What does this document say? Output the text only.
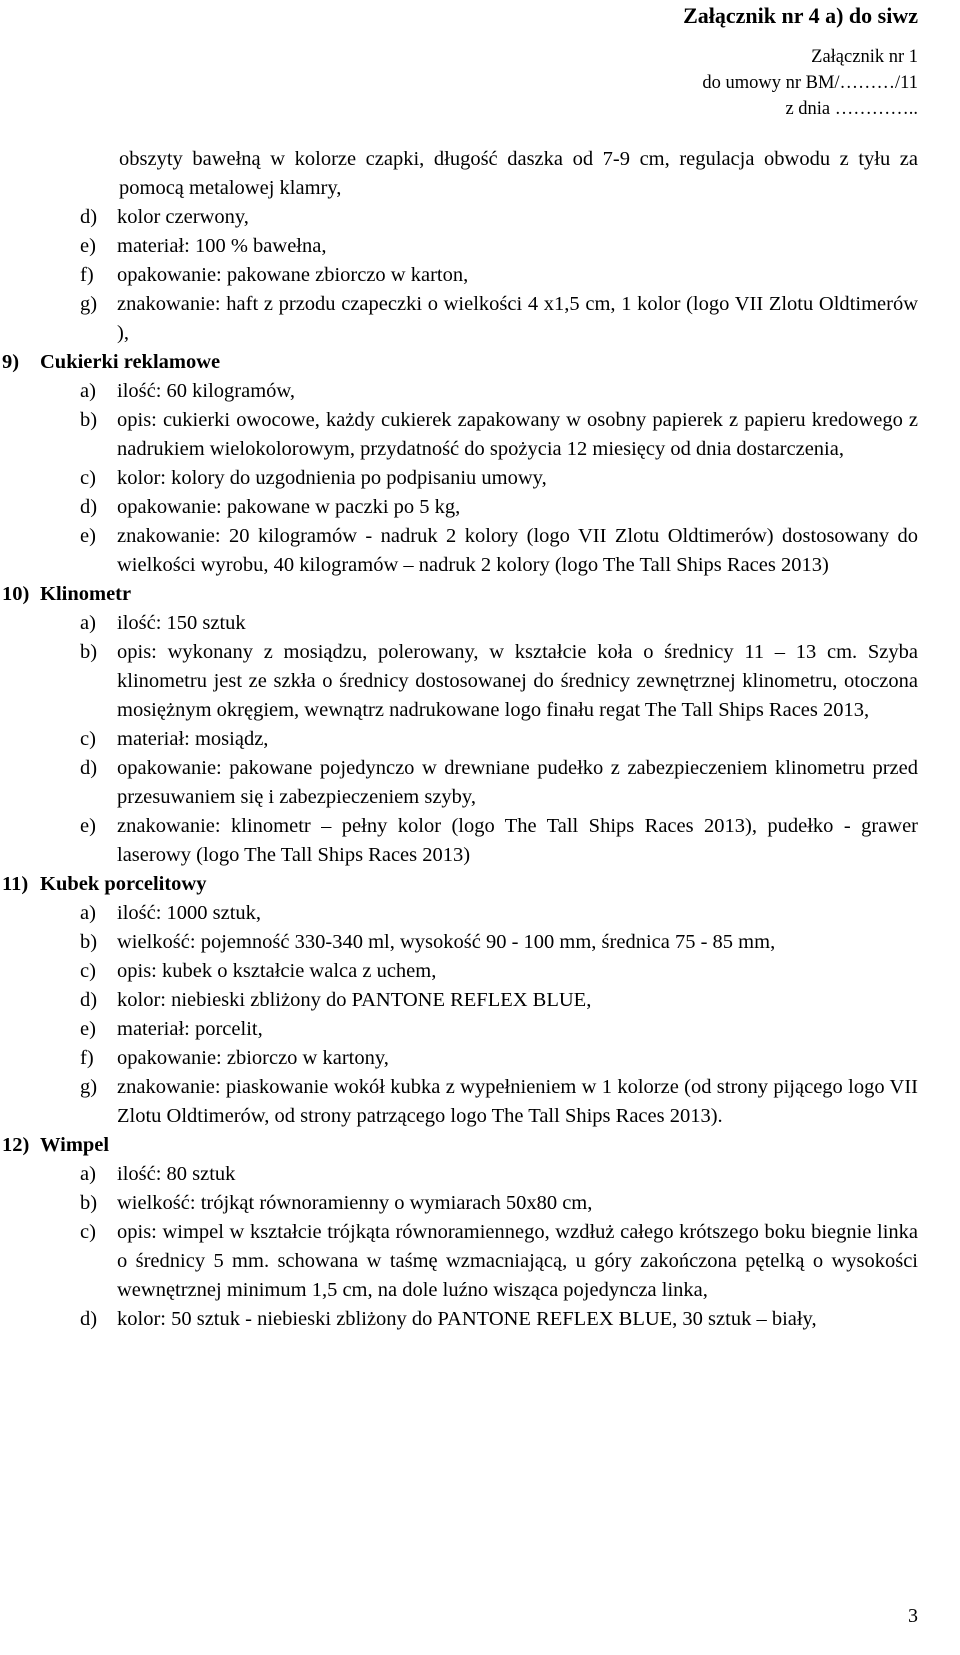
Załącznik nr 4 a) do siwz
Załącznik nr 1
do umowy nr BM/………/11
z dnia …………..
obszyty bawełną w kolorze czapki, długość daszka od 7-9 cm, regulacja obwodu z tyłu za pomocą metalowej klamry,
d) kolor czerwony,
e)	materiał: 100 % bawełna,
f)	opakowanie: pakowane zbiorczo w karton,
g) znakowanie: haft z przodu czapeczki o wielkości 4 x1,5 cm, 1 kolor (logo VII Zlotu Oldtimerów ),
9)	Cukierki reklamowe
a)	ilość: 60 kilogramów,
b) opis: cukierki owocowe, każdy cukierek zapakowany w osobny papierek z papieru kredowego z nadrukiem wielokolorowym, przydatność do spożycia 12 miesięcy od dnia dostarczenia,
c)	kolor: kolory do uzgodnienia po podpisaniu umowy,
d) opakowanie: pakowane w paczki po 5 kg,
e)	znakowanie: 20 kilogramów - nadruk 2 kolory (logo VII Zlotu Oldtimerów) dostosowany do wielkości wyrobu, 40 kilogramów – nadruk 2 kolory (logo The Tall Ships Races 2013)
10) Klinometr
a)	ilość: 150 sztuk
b) opis: wykonany z mosiądzu, polerowany, w kształcie koła o średnicy 11 – 13 cm. Szyba klinometru jest ze szkła o średnicy dostosowanej do średnicy zewnętrznej klinometru, otoczona mosiężnym okręgiem, wewnątrz nadrukowane logo finału regat The Tall Ships Races 2013,
c)	materiał: mosiądz,
d) opakowanie: pakowane pojedynczo w drewniane pudełko z zabezpieczeniem klinometru przed przesuwaniem się i zabezpieczeniem szyby,
e)	znakowanie: klinometr – pełny kolor (logo The Tall Ships Races 2013), pudełko - grawer laserowy (logo The Tall Ships Races 2013)
11) Kubek porcelitowy
a)	ilość: 1000 sztuk,
b) wielkość: pojemność 330-340 ml, wysokość 90 - 100 mm, średnica 75 - 85 mm,
c)	opis: kubek o kształcie walca z uchem,
d) kolor: niebieski zbliżony do PANTONE REFLEX BLUE,
e)	materiał: porcelit,
f)	opakowanie: zbiorczo w kartony,
g) znakowanie: piaskowanie wokół kubka z wypełnieniem w 1 kolorze (od strony pijącego logo VII Zlotu Oldtimerów, od strony patrzącego logo The Tall Ships Races 2013).
12) Wimpel
a)	ilość: 80 sztuk
b) wielkość: trójkąt równoramienny o wymiarach 50x80 cm,
c)	opis: wimpel w kształcie trójkąta równoramiennego, wzdłuż całego krótszego boku biegnie linka o średnicy 5 mm. schowana w taśmę wzmacniającą, u góry zakończona pętelką o wysokości wewnętrznej minimum 1,5 cm, na dole luźno wisząca pojedyncza linka,
d) kolor: 50 sztuk - niebieski zbliżony do PANTONE REFLEX BLUE, 30 sztuk – biały,
3
